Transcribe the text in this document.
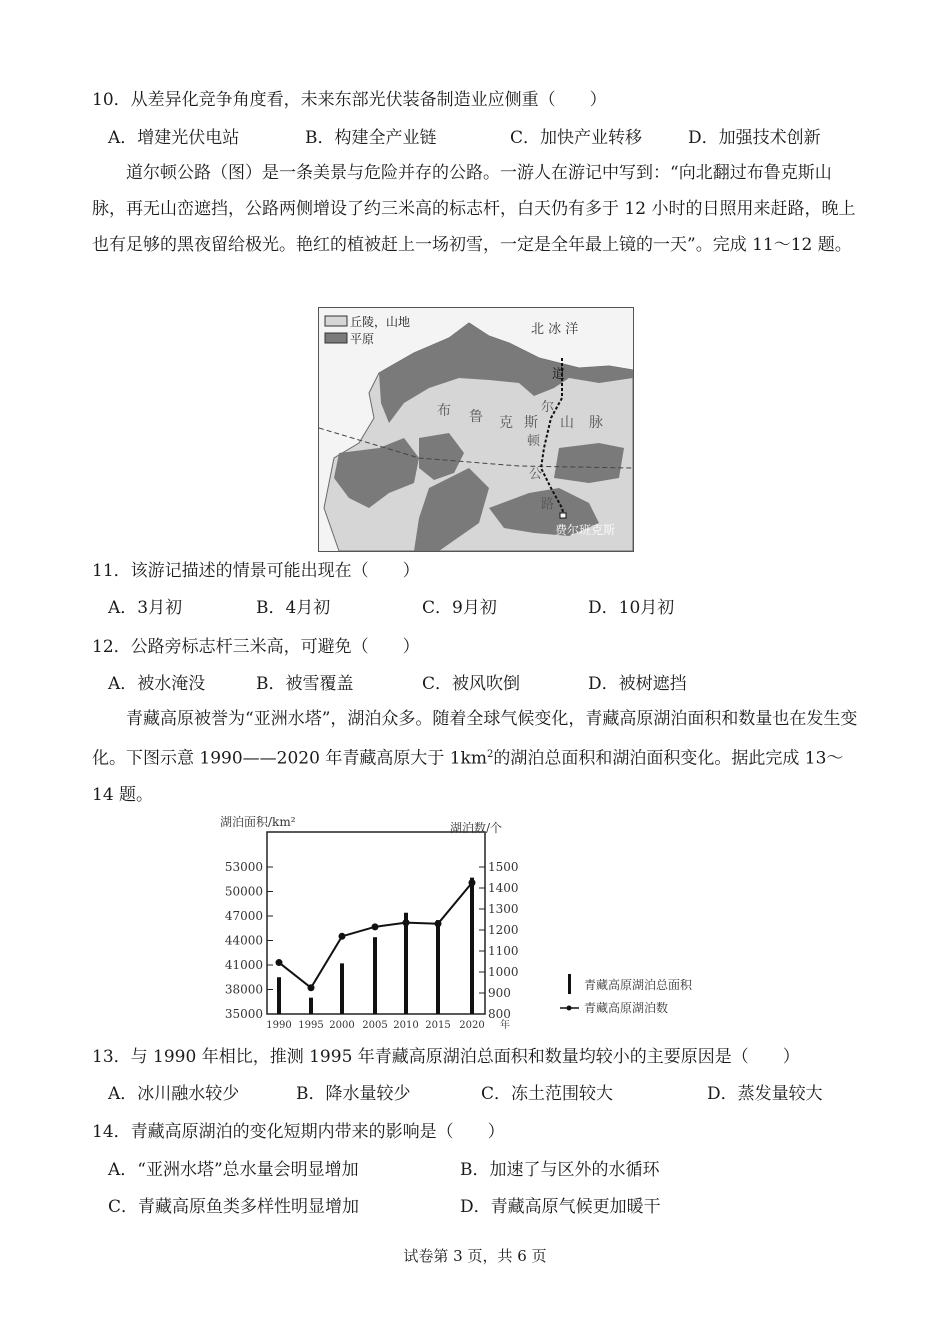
10．从差异化竞争角度看，未来东部光伏装备制造业应侧重（　　）
A．增建光伏电站	B．构建全产业链	C．加快产业转移	D．加强技术创新
道尔顿公路（图）是一条美景与危险并存的公路。一游人在游记中写到：“向北翻过布鲁克斯山脉，再无山峦遮挡，公路两侧增设了约三米高的标志杆，白天仍有多于 12 小时的日照用来赶路，晚上也有足够的黑夜留给极光。艳红的植被赶上一场初雪，一定是全年最上镜的一天”。完成 11～12 题。
丘陵，山地
平原
北 冰 洋
布 鲁 克 斯
道
尔
顿
公
路
山 脉
费尔班克斯
11．该游记描述的情景可能出现在（　　）
A．3月初	B．4月初	C．9月初	D．10月初
12．公路旁标志杆三米高，可避免（　　）
A．被水淹没	B．被雪覆盖	C．被风吹倒	D．被树遮挡
青藏高原被誉为“亚洲水塔”，湖泊众多。随着全球气候变化，青藏高原湖泊面积和数量也在发生变化。下图示意 1990——2020 年青藏高原大于 $1km^2$的湖泊总面积和湖泊面积变化。据此完成 13～14 题。
湖泊面积/km²	湖泊数/个
35000
38000
41000
44000
47000
50000
53000
800
900
1000
1100
1200
1300
1400
1500
1990 1995 2000 2005 2010 2015 2020 年
青藏高原湖泊总面积
青藏高原湖泊数
13．与 1990 年相比，推测 1995 年青藏高原湖泊总面积和数量均较小的主要原因是（　　）
A．冰川融水较少	B．降水量较少	C．冻土范围较大	D．蒸发量较大
14．青藏高原湖泊的变化短期内带来的影响是（　　）
A．“亚洲水塔”总水量会明显增加	B．加速了与区外的水循环
C．青藏高原鱼类多样性明显增加	D．青藏高原气候更加暖干
试卷第 3 页，共 6 页
